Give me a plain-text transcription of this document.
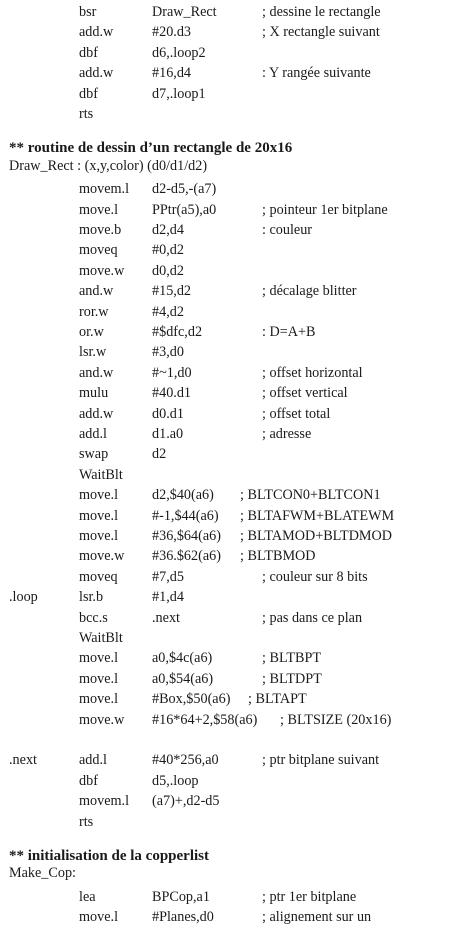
bsr	Draw_Rect	; dessine le rectangle
add.w	#20.d3	; X rectangle suivant
dbf	d6,.loop2
add.w	#16,d4	: Y rangée suivante
dbf	d7,.loop1
rts
** routine de dessin d’un rectangle de 20x16
Draw_Rect : (x,y,color) (d0/d1/d2)
movem.l d2-d5,-(a7)
move.l PPtr(a5),a0	; pointeur 1er bitplane
move.b d2,d4	: couleur
moveq #0,d2
move.w d0,d2
and.w	#15,d2	; décalage blitter
ror.w	#4,d2
or.w	#$dfc,d2	: D=A+B
lsr.w	#3,d0
and.w	#~1,d0	; offset horizontal
mulu	#40.d1	; offset vertical
add.w	d0.d1	; offset total
add.l	d1.a0	; adresse
swap	d2
WaitBlt
move.l d2,$40(a6) ; BLTCON0+BLTCON1
move.l #-1,$44(a6) ; BLTAFWM+BLATEWM
move.l #36,$64(a6) ; BLTAMOD+BLTDMOD
move.w #36.$62(a6) ; BLTBMOD
moveq #7,d5	; couleur sur 8 bits
.loop	lsr.b	#1,d4
bcc.s	.next	; pas dans ce plan
WaitBlt
move.l a0,$4c(a6)	; BLTBPT
move.l a0,$54(a6)	; BLTDPT
move.l #Box,$50(a6) ; BLTAPT
move.w #16*64+2,$58(a6) ; BLTSIZE (20x16)
.next	add.l	#40*256,a0	; ptr bitplane suivant
dbf	d5,.loop
movem.l (a7)+,d2-d5
rts
** initialisation de la copperlist
Make_Cop:
lea	BPCop,a1	; ptr 1er bitplane
move.l #Planes,d0	; alignement sur un
